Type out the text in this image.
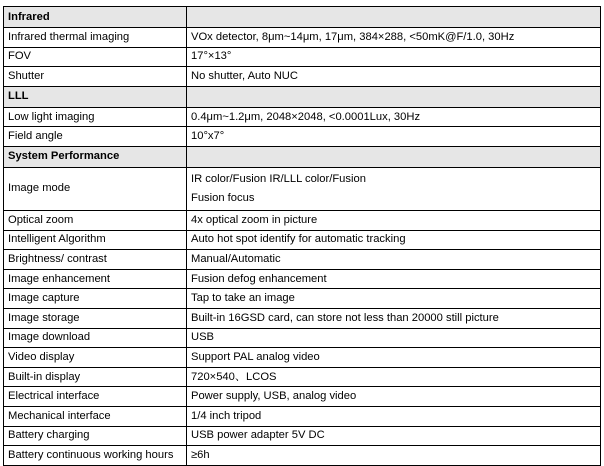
Infrared	
Infrared thermal imaging	VOx detector, 8μm~14μm, 17μm, 384×288, <50mK@F/1.0, 30Hz
FOV	17°×13°
Shutter	No shutter, Auto NUC
LLL	
Low light imaging	0.4μm~1.2μm, 2048×2048, <0.0001Lux, 30Hz
Field angle	10°x7°
System Performance	
Image mode	IR color/Fusion IR/LLL color/Fusion
Fusion focus

Optical zoom	4x optical zoom in picture
Intelligent Algorithm	Auto hot spot identify for automatic tracking
Brightness/ contrast	Manual/Automatic
Image enhancement	Fusion defog enhancement
Image capture	Tap to take an image
Image storage	Built-in 16GSD card, can store not less than 20000 still picture
Image download	USB
Video display	Support PAL analog video
Built-in display	720×540、LCOS
Electrical interface	Power supply, USB, analog video
Mechanical interface	1/4 inch tripod
Battery charging	USB power adapter 5V DC
Battery continuous working hours	≥6h
